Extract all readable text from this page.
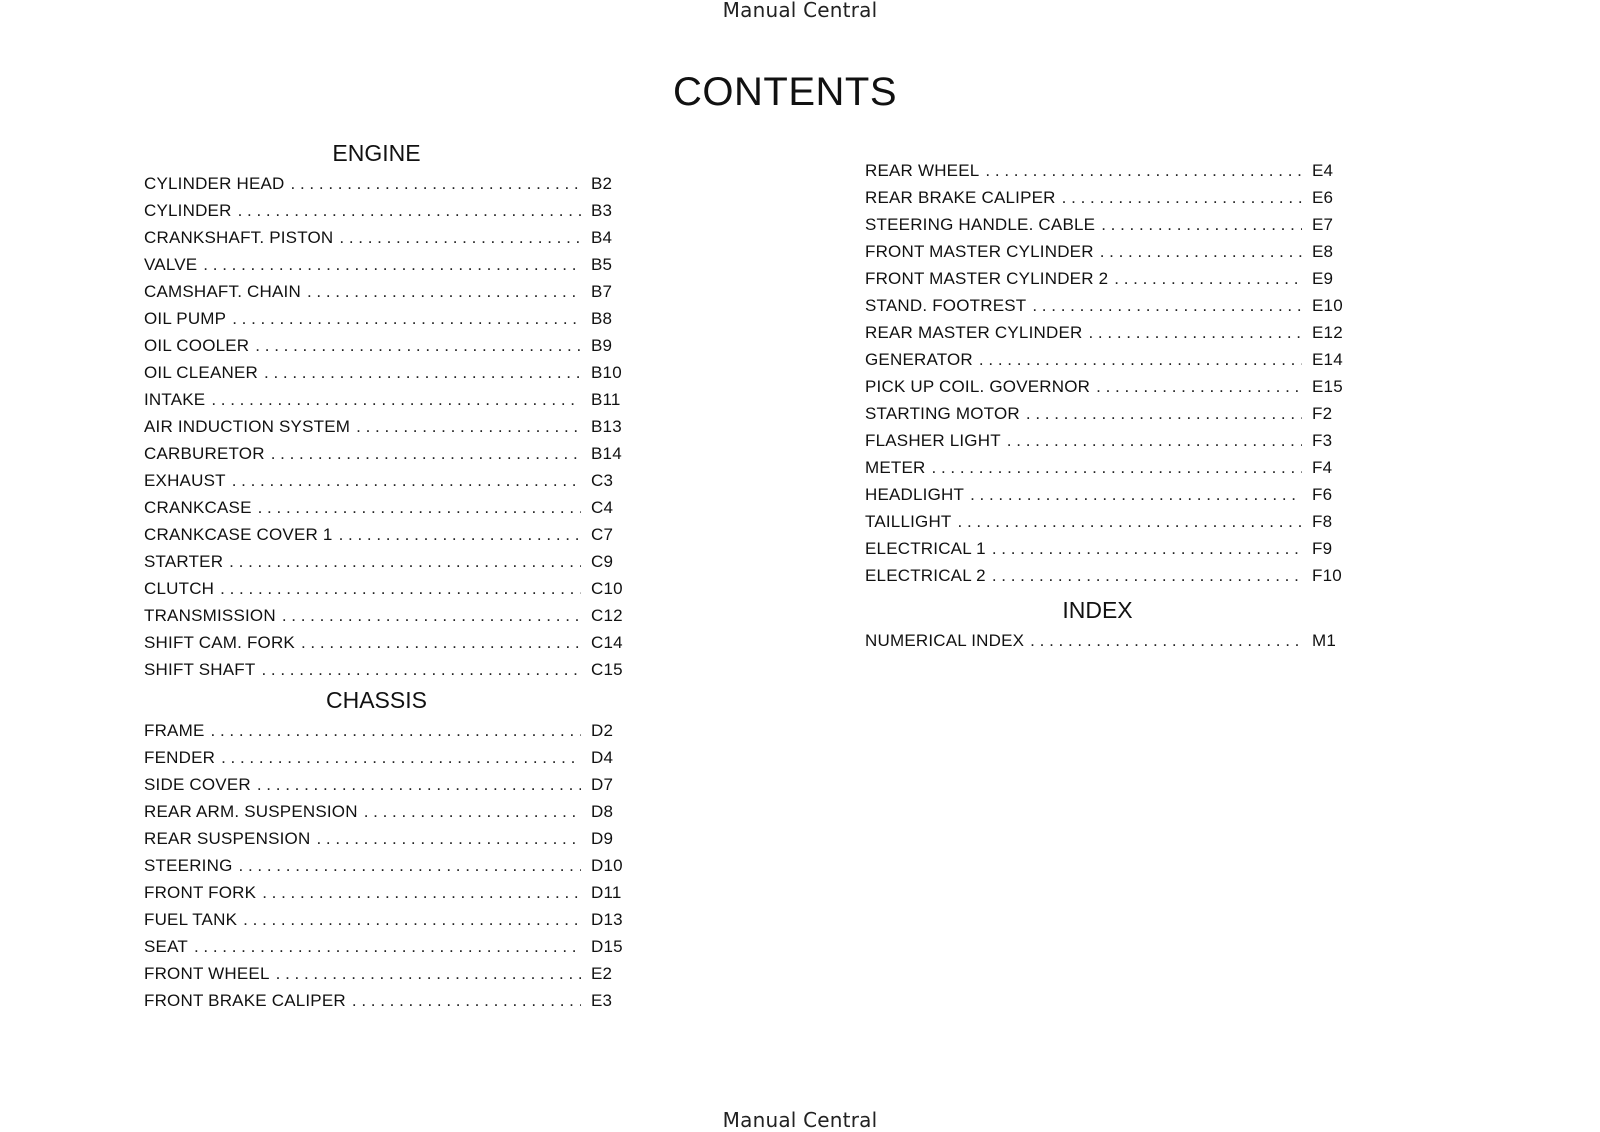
Manual Central
CONTENTS
ENGINE
CYLINDER HEAD . . .	B2
CYLINDER . . .	B3
CRANKSHAFT. PISTON . . .	B4
VALVE . . .	B5
CAMSHAFT. CHAIN . . .	B7
OIL PUMP . . .	B8
OIL COOLER . . .	B9
OIL CLEANER . . .	B10
INTAKE . . .	B11
AIR INDUCTION SYSTEM . . .	B13
CARBURETOR . . .	B14
EXHAUST . . .	C3
CRANKCASE . . .	C4
CRANKCASE COVER 1 . . .	C7
STARTER . . .	C9
CLUTCH . . .	C10
TRANSMISSION . . .	C12
SHIFT CAM. FORK . . .	C14
SHIFT SHAFT . . .	C15
CHASSIS
FRAME . . .	D2
FENDER . . .	D4
SIDE COVER . . .	D7
REAR ARM. SUSPENSION . . .	D8
REAR SUSPENSION . . .	D9
STEERING . . .	D10
FRONT FORK . . .	D11
FUEL TANK . . .	D13
SEAT . . .	D15
FRONT WHEEL . . .	E2
FRONT BRAKE CALIPER . . .	E3
REAR WHEEL . . .	E4
REAR BRAKE CALIPER . . .	E6
STEERING HANDLE. CABLE . . .	E7
FRONT MASTER CYLINDER . . .	E8
FRONT MASTER CYLINDER 2 . . .	E9
STAND. FOOTREST . . .	E10
REAR MASTER CYLINDER . . .	E12
GENERATOR . . .	E14
PICK UP COIL. GOVERNOR . . .	E15
STARTING MOTOR . . .	F2
FLASHER LIGHT . . .	F3
METER . . .	F4
HEADLIGHT . . .	F6
TAILLIGHT . . .	F8
ELECTRICAL 1 . . .	F9
ELECTRICAL 2 . . .	F10
INDEX
NUMERICAL INDEX . . .	M1
Manual Central
